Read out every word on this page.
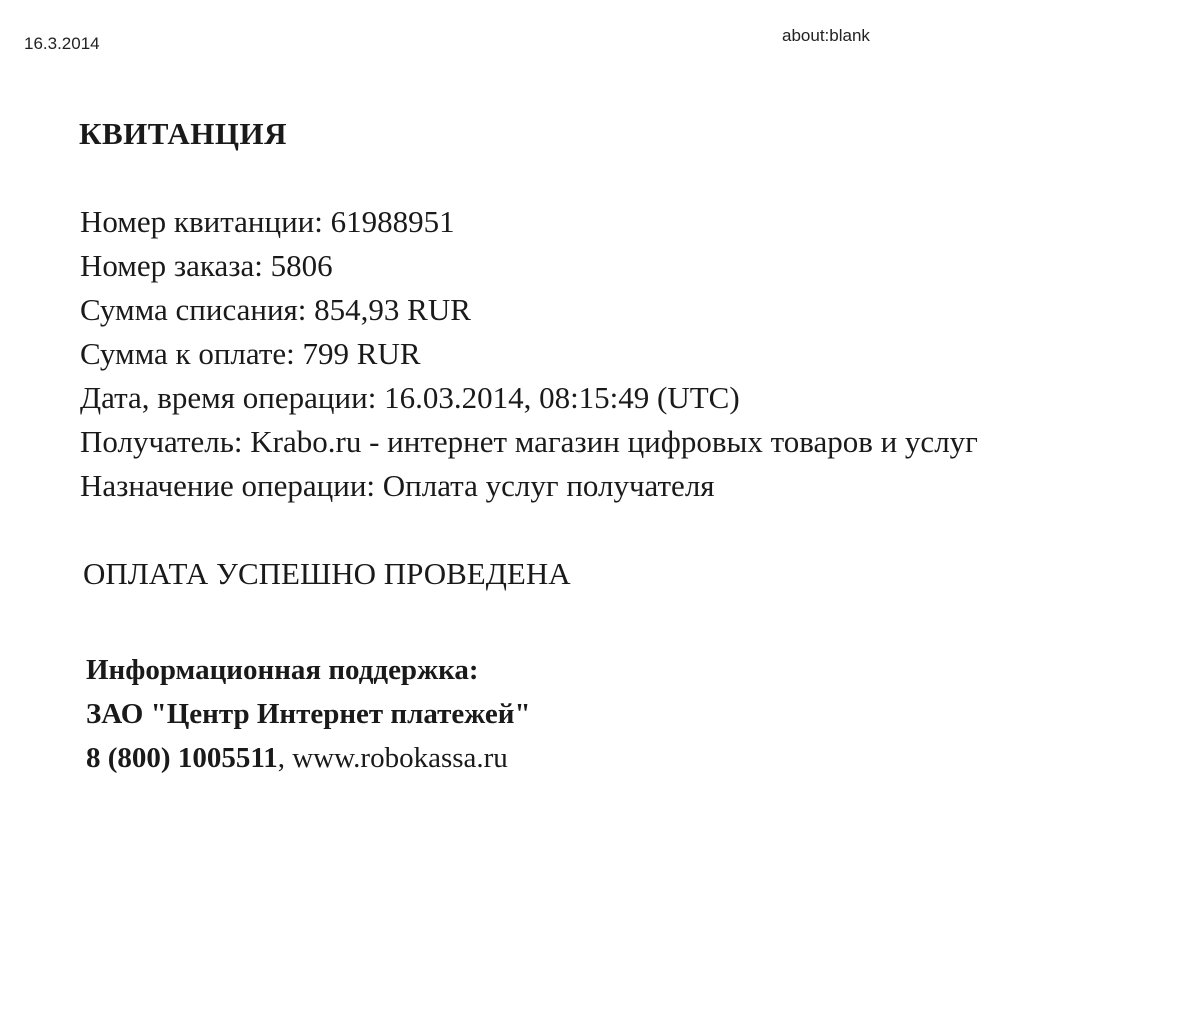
16.3.2014	about:blank
КВИТАНЦИЯ
Номер квитанции: 61988951
Номер заказа: 5806
Сумма списания: 854,93 RUR
Сумма к оплате: 799 RUR
Дата, время операции: 16.03.2014, 08:15:49 (UTC)
Получатель: Krabo.ru - интернет магазин цифровых товаров и услуг
Назначение операции: Оплата услуг получателя

ОПЛАТА УСПЕШНО ПРОВЕДЕНА

Информационная поддержка:
ЗАО "Центр Интернет платежей"
8 (800) 1005511, www.robokassa.ru
